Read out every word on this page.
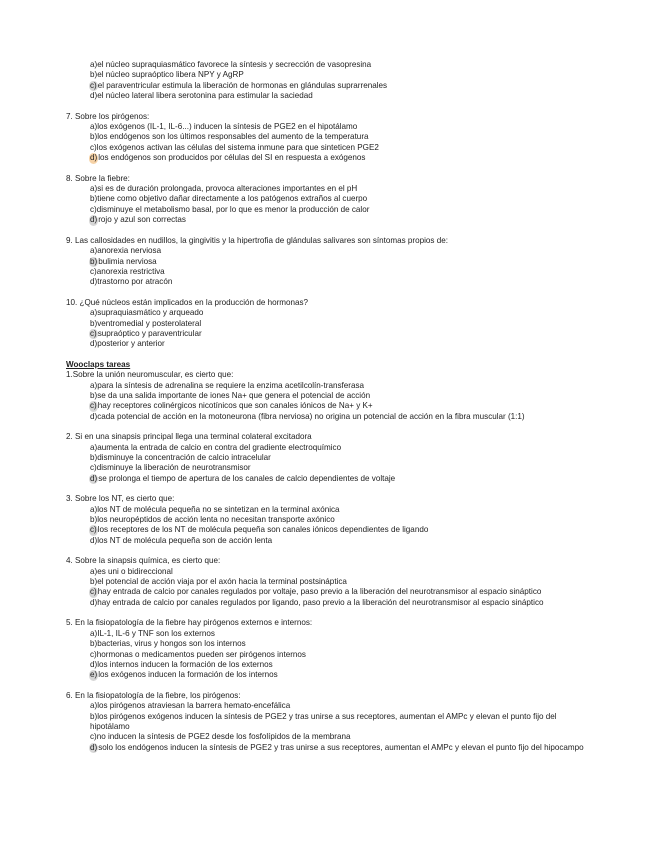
a)el núcleo supraquiasmático favorece la síntesis y secrección de vasopresina
b)el núcleo supraóptico libera NPY y AgRP
c)el paraventricular estimula la liberación de hormonas en glándulas suprarrenales
d)el núcleo lateral libera serotonina para estimular la saciedad
7. Sobre los pirógenos:
a)los exógenos (IL-1, IL-6...) inducen la síntesis de PGE2 en el hipotálamo
b)los endógenos son los últimos responsables del aumento de la temperatura
c)los exógenos activan las células del sistema inmune para que sinteticen PGE2
d)los endógenos son producidos por células del SI en respuesta a exógenos
8. Sobre la fiebre:
a)si es de duración prolongada, provoca alteraciones importantes en el pH
b)tiene como objetivo dañar directamente a los patógenos extraños al cuerpo
c)disminuye el metabolismo basal, por lo que es menor la producción de calor
d)rojo y azul son correctas
9. Las callosidades en nudillos, la gingivitis y la hipertrofia de glándulas salivares son síntomas propios de:
a)anorexia nerviosa
b)bulimia nerviosa
c)anorexia restrictiva
d)trastorno por atracón
10. ¿Qué núcleos están implicados en la producción de hormonas?
a)supraquiasmático y arqueado
b)ventromedial y posterolateral
c)supraóptico y paraventricular
d)posterior y anterior
Wooclaps tareas
1.Sobre la unión neuromuscular, es cierto que:
a)para la síntesis de adrenalina se requiere la enzima acetilcolín-transferasa
b)se da una salida importante de iones Na+ que genera el potencial de acción
c)hay receptores colinérgicos nicotínicos que son canales iónicos de Na+ y K+
d)cada potencial de acción en la motoneurona (fibra nerviosa) no origina un potencial de acción en la fibra muscular (1:1)
2. Si en una sinapsis principal llega una terminal colateral excitadora
a)aumenta la entrada de calcio en contra del gradiente electroquímico
b)disminuye la concentración de calcio intracelular
c)disminuye la liberación de neurotransmisor
d)se prolonga el tiempo de apertura de los canales de calcio dependientes de voltaje
3. Sobre los NT, es cierto que:
a)los NT de molécula pequeña no se sintetizan en la terminal axónica
b)los neuropéptidos de acción lenta no necesitan transporte axónico
c)los receptores de los NT de molécula pequeña son canales iónicos dependientes de ligando
d)los NT de molécula pequeña son de acción lenta
4. Sobre la sinapsis química, es cierto que:
a)es uni o bidireccional
b)el potencial de acción viaja por el axón hacia la terminal postsináptica
c)hay entrada de calcio por canales regulados por voltaje, paso previo a la liberación del neurotransmisor al espacio sináptico
d)hay entrada de calcio por canales regulados por ligando, paso previo a la liberación del neurotransmisor al espacio sináptico
5. En la fisiopatología de la fiebre hay pirógenos externos e internos:
a)IL-1, IL-6 y TNF son los externos
b)bacterias, virus y hongos son los internos
c)hormonas o medicamentos pueden ser pirógenos internos
d)los internos inducen la formación de los externos
e)los exógenos inducen la formación de los internos
6. En la fisiopatología de la fiebre, los pirógenos:
a)los pirógenos atraviesan la barrera hemato-encefálica
b)los pirógenos exógenos inducen la síntesis de PGE2 y tras unirse a sus receptores, aumentan el AMPc y elevan el punto fijo del hipotálamo
c)no inducen la síntesis de PGE2 desde los fosfolípidos de la membrana
d)solo los endógenos inducen la síntesis de PGE2 y tras unirse a sus receptores, aumentan el AMPc y elevan el punto fijo del hipocampo
